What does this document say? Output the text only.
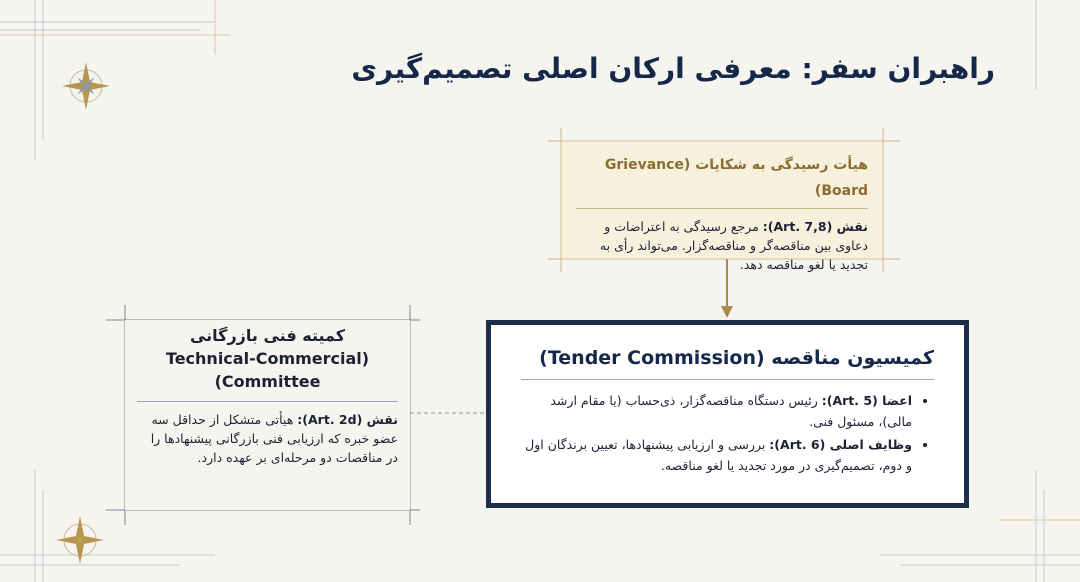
راهبران سفر: معرفی ارکان اصلی تصمیم‌گیری
هیأت رسیدگی به شکایات (Grievance Board)
نقش (Art. 7,8): مرجع رسیدگی به اعتراضات و دعاوی بین مناقصه‌گر و مناقصه‌گزار. می‌تواند رأی به تجدید یا لغو مناقصه دهد.
کمیسیون مناقصه (Tender Commission)
• اعضا (Art. 5): رئیس دستگاه مناقصه‌گزار، ذی‌حساب (یا مقام ارشد مالی)، مسئول فنی.
• وظایف اصلی (Art. 6): بررسی و ارزیابی پیشنهادها، تعیین برندگان اول و دوم، تصمیم‌گیری در مورد تجدید یا لغو مناقصه.
کمیته فنی بازرگانی
(Technical-Commercial
Committee)
نقش (Art. 2d): هیأتی متشکل از حداقل سه عضو خبره که ارزیابی فنی بازرگانی پیشنهادها را در مناقصات دو مرحله‌ای بر عهده دارد.
